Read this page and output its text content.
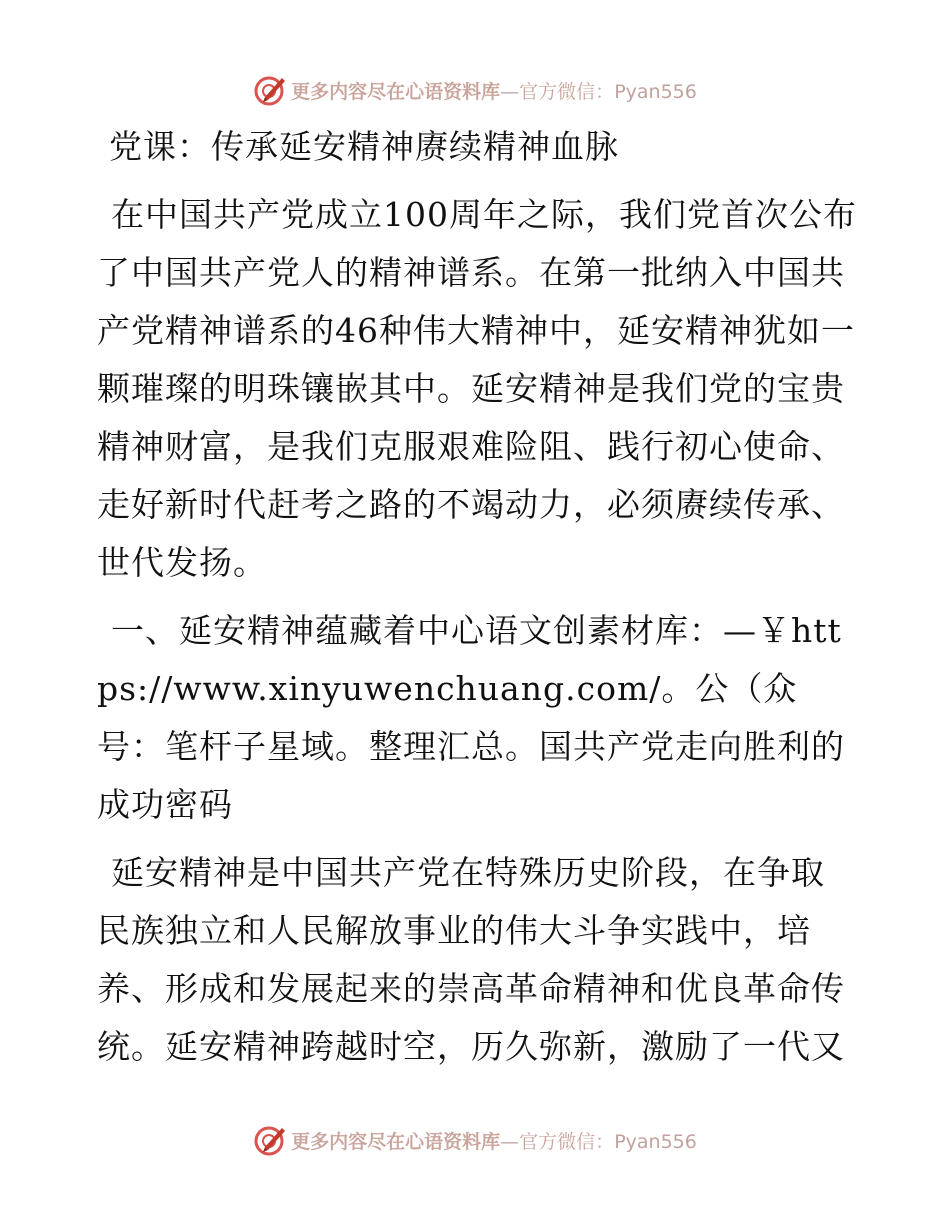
更多内容尽在心语资料库—官方微信：Pyan556
党课：传承延安精神赓续精神血脉

在中国共产党成立100周年之际，我们党首次公布了中国共产党人的精神谱系。在第一批纳入中国共产党精神谱系的46种伟大精神中，延安精神犹如一颗璀璨的明珠镶嵌其中。延安精神是我们党的宝贵精神财富，是我们克服艰难险阻、践行初心使命、走好新时代赶考之路的不竭动力，必须赓续传承、世代发扬。

一、延安精神蕴藏着中心语文创素材库：—￥https://www.xinyuwenchuang.com/。公（众号：笔杆子星域。整理汇总。国共产党走向胜利的成功密码

延安精神是中国共产党在特殊历史阶段，在争取民族独立和人民解放事业的伟大斗争实践中，培养、形成和发展起来的崇高革命精神和优良革命传统。延安精神跨越时空，历久弥新，激励了一代又

更多内容尽在心语资料库—官方微信：Pyan556
